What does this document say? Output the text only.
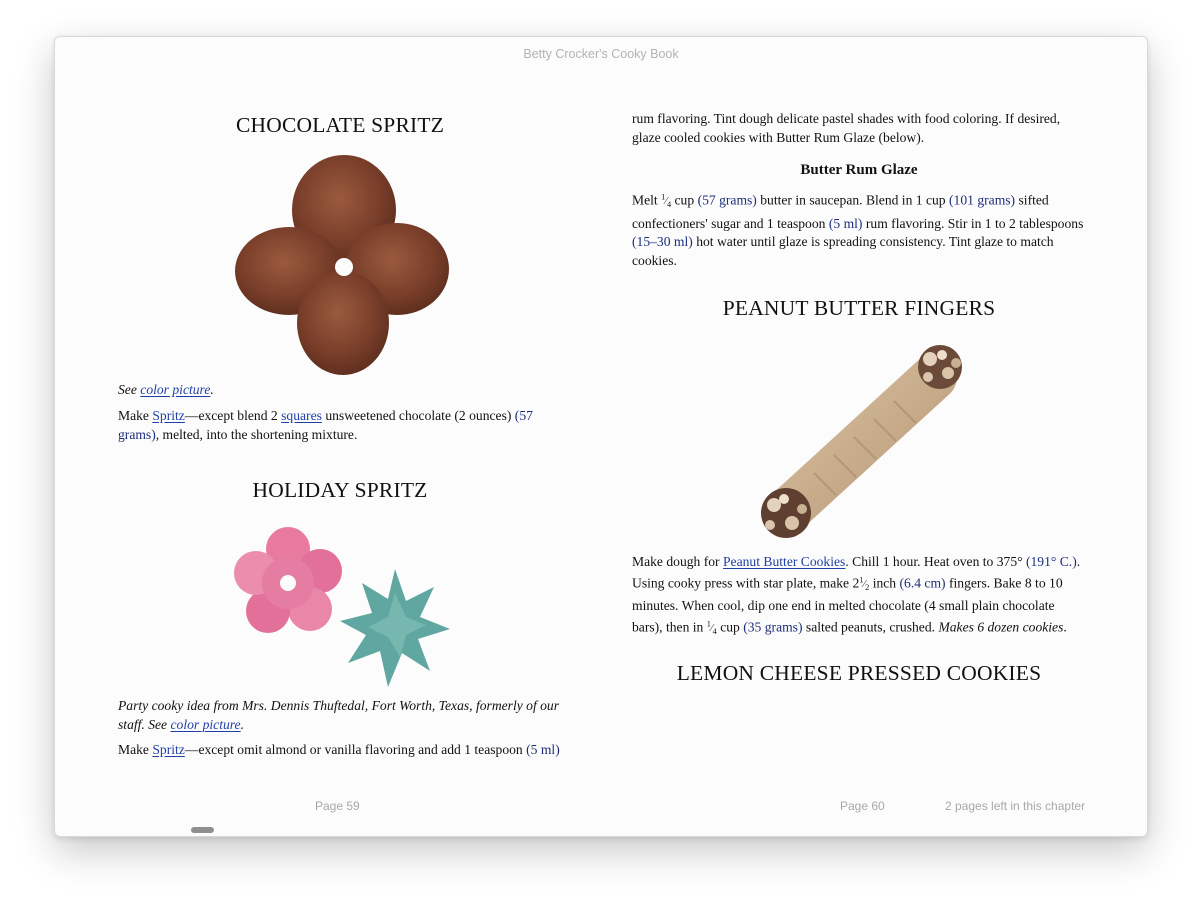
Betty Crocker's Cooky Book
CHOCOLATE SPRITZ

See color picture.

Make Spritz—except blend 2 squares unsweetened chocolate (2 ounces) (57 grams), melted, into the shortening mixture.

HOLIDAY SPRITZ

Party cooky idea from Mrs. Dennis Thuftedal, Fort Worth, Texas, formerly of our staff. See color picture.

Make Spritz—except omit almond or vanilla flavoring and add 1 teaspoon (5 ml)

Page 59

rum flavoring. Tint dough delicate pastel shades with food coloring. If desired, glaze cooled cookies with Butter Rum Glaze (below).

Butter Rum Glaze

Melt $^1⁄_4$ cup (57 grams) butter in saucepan. Blend in 1 cup (101 grams) sifted confectioners' sugar and 1 teaspoon (5 ml) rum flavoring. Stir in 1 to 2 tablespoons (15–30 ml) hot water until glaze is spreading consistency. Tint glaze to match cookies.

PEANUT BUTTER FINGERS

Make dough for Peanut Butter Cookies. Chill 1 hour. Heat oven to 375° (191° C.). Using cooky press with star plate, make $2^1⁄_2$ inch (6.4 cm) fingers. Bake 8 to 10 minutes. When cool, dip one end in melted chocolate (4 small plain chocolate bars), then in $^1⁄_4$ cup (35 grams) salted peanuts, crushed. Makes 6 dozen cookies.

LEMON CHEESE PRESSED COOKIES
Page 60	2 pages left in this chapter
